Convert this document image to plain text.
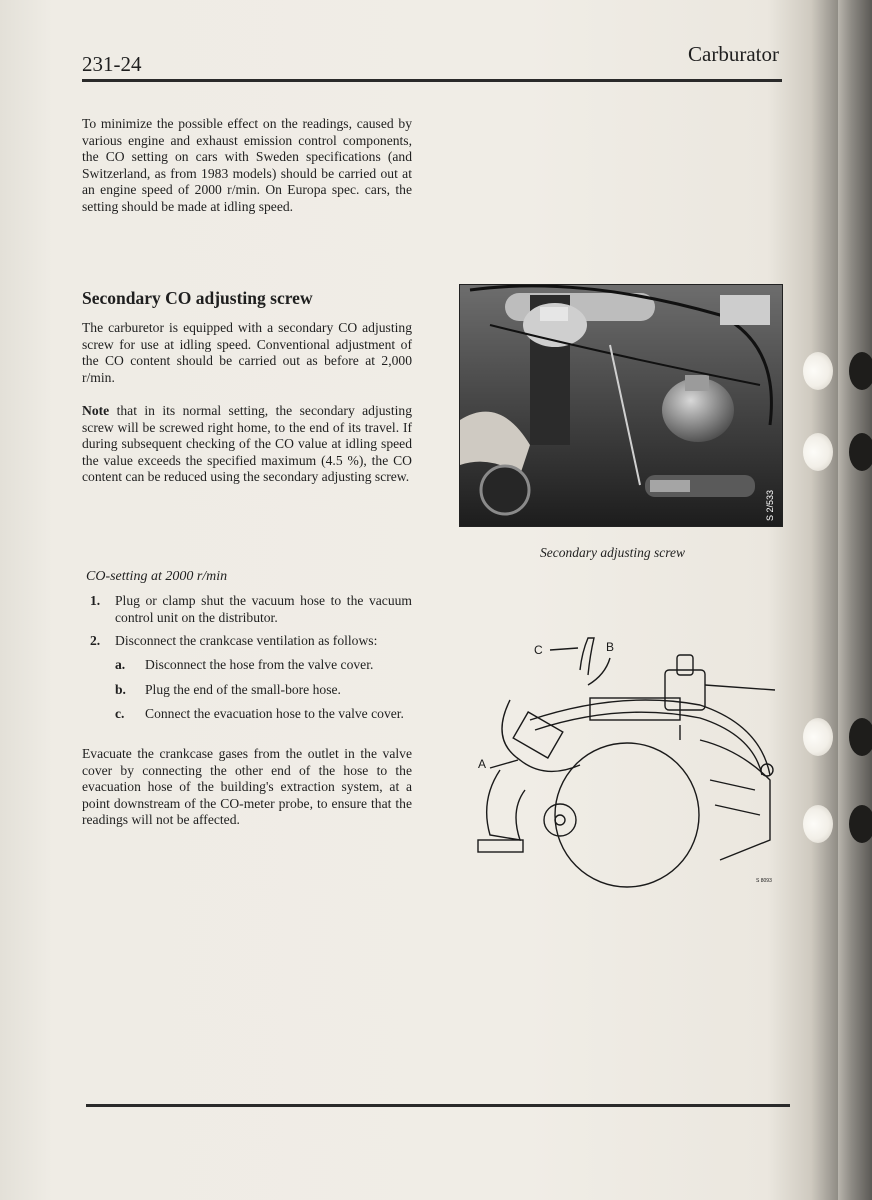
231-24	Carburator
To minimize the possible effect on the readings, caused by various engine and exhaust emission control components, the CO setting on cars with Sweden specifications (and Switzerland, as from 1983 models) should be carried out at an engine speed of 2000 r/min. On Europa spec. cars, the setting should be made at idling speed.
Secondary CO adjusting screw
The carburetor is equipped with a secondary CO adjusting screw for use at idling speed. Conventional adjustment of the CO content should be carried out as before at 2,000 r/min.
Note that in its normal setting, the secondary adjusting screw will be screwed right home, to the end of its travel. If during subsequent checking of the CO value at idling speed the value exceeds the specified maximum (4.5 %), the CO content can be reduced using the secondary adjusting screw.
CO-setting at 2000 r/min
1. Plug or clamp shut the vacuum hose to the vacuum control unit on the distributor.
2. Disconnect the crankcase ventilation as follows:
a. Disconnect the hose from the valve cover.
b. Plug the end of the small-bore hose.
c. Connect the evacuation hose to the valve cover.
Evacuate the crankcase gases from the outlet in the valve cover by connecting the other end of the hose to the evacuation hose of the building's extraction system, at a point downstream of the CO-meter probe, to ensure that the readings will not be affected.
S 2/533
Secondary adjusting screw
C	B
A
S 8093
